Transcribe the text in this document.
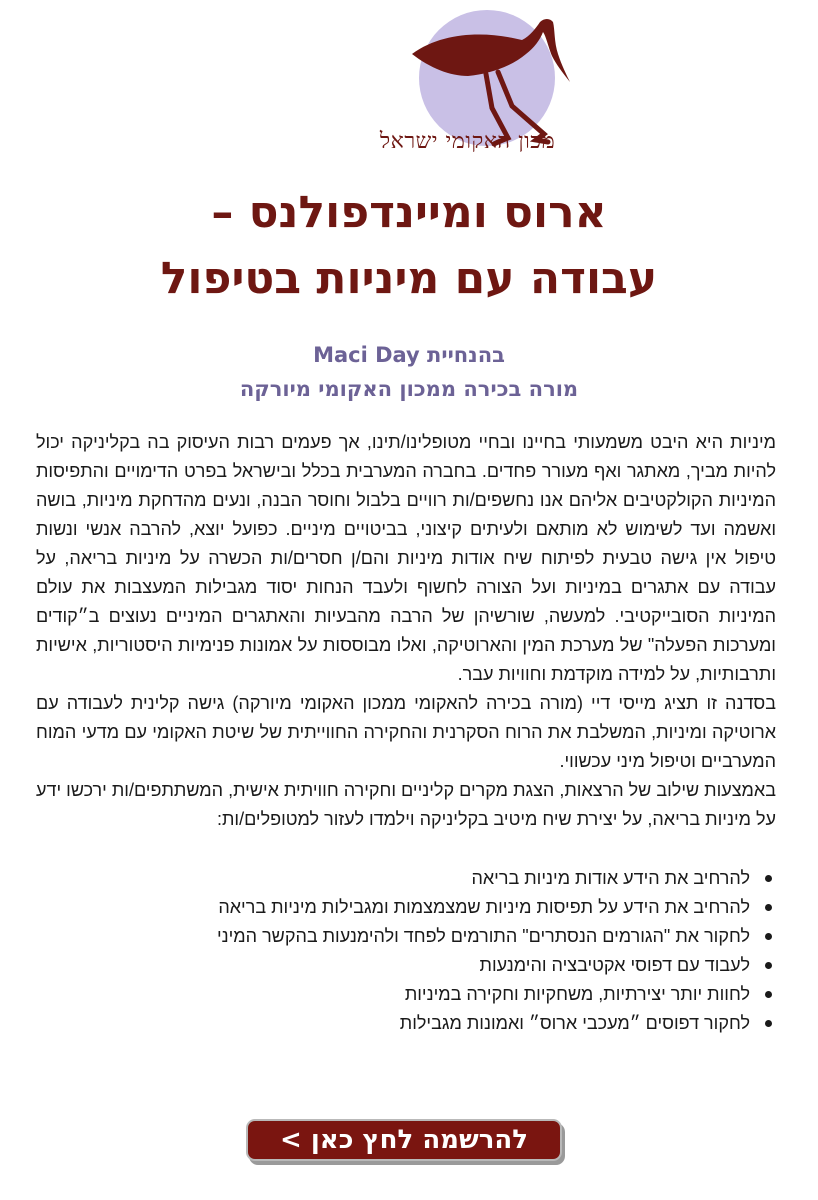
מכון האקומי ישראל
ארוס ומיינדפולנס –
עבודה עם מיניות בטיפול
בהנחיית Maci Day
מורה בכירה ממכון האקומי מיורקה

מיניות היא היבט משמעותי בחיינו ובחיי מטופלינו/תינו, אך פעמים רבות העיסוק בה בקליניקה יכול להיות מביך, מאתגר ואף מעורר פחדים. בחברה המערבית בכלל ובישראל בפרט הדימויים והתפיסות המיניות הקולקטיבים אליהם אנו נחשפים/ות רוויים בלבול וחוסר הבנה, ונעים מהדחקת מיניות, בושה ואשמה ועד לשימוש לא מותאם ולעיתים קיצוני, בביטויים מיניים. כפועל יוצא, להרבה אנשי ונשות טיפול אין גישה טבעית לפיתוח שיח אודות מיניות והם/ן חסרים/ות הכשרה על מיניות בריאה, על עבודה עם אתגרים במיניות ועל הצורה לחשוף ולעבד הנחות יסוד מגבילות המעצבות את עולם המיניות הסובייקטיבי. למעשה, שורשיהן של הרבה מהבעיות והאתגרים המיניים נעוצים ב״קודים ומערכות הפעלה" של מערכת המין והארוטיקה, ואלו מבוססות על אמונות פנימיות היסטוריות, אישיות ותרבותיות, על למידה מוקדמת וחוויות עבר.

בסדנה זו תציג מייסי דיי (מורה בכירה להאקומי ממכון האקומי מיורקה) גישה קלינית לעבודה עם ארוטיקה ומיניות, המשלבת את הרוח הסקרנית והחקירה החווייתית של שיטת האקומי עם מדעי המוח המערביים וטיפול מיני עכשווי.

באמצעות שילוב של הרצאות, הצגת מקרים קליניים וחקירה חוויתית אישית, המשתתפים/ות ירכשו ידע על מיניות בריאה, על יצירת שיח מיטיב בקליניקה וילמדו לעזור למטופלים/ות:

להרחיב את הידע אודות מיניות בריאה
להרחיב את הידע על תפיסות מיניות שמצמצמות ומגבילות מיניות בריאה
לחקור את "הגורמים הנסתרים" התורמים לפחד ולהימנעות בהקשר המיני
לעבוד עם דפוסי אקטיבציה והימנעות
לחוות יותר יצירתיות, משחקיות וחקירה במיניות
לחקור דפוסים ״מעכבי ארוס״ ואמונות מגבילות
להרשמה לחץ כאן >
